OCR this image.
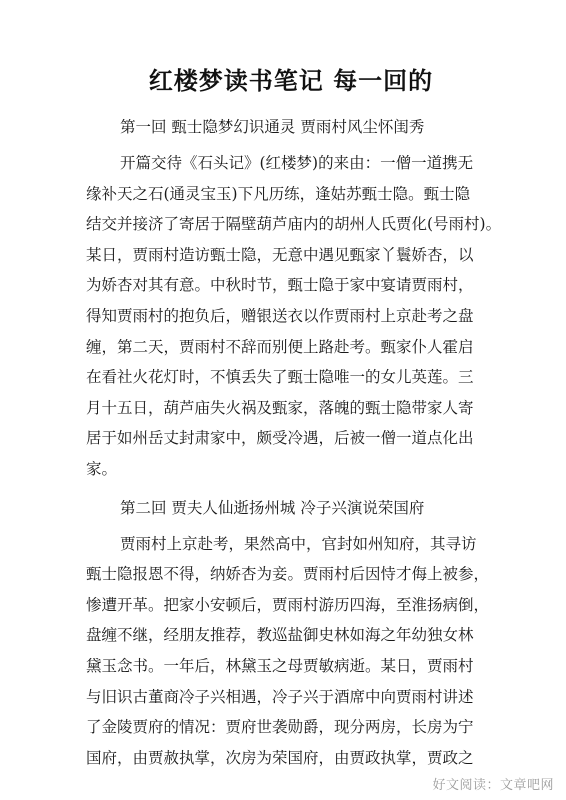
红楼梦读书笔记 每一回的
第一回 甄士隐梦幻识通灵 贾雨村风尘怀闺秀

开篇交待《石头记》(红楼梦)的来由：一僧一道携无
缘补天之石(通灵宝玉)下凡历练，逢姑苏甄士隐。甄士隐
结交并接济了寄居于隔壁葫芦庙内的胡州人氏贾化(号雨村)。
某日，贾雨村造访甄士隐，无意中遇见甄家丫鬟娇杏，以
为娇杏对其有意。中秋时节，甄士隐于家中宴请贾雨村，
得知贾雨村的抱负后，赠银送衣以作贾雨村上京赴考之盘
缠，第二天，贾雨村不辞而别便上路赴考。甄家仆人霍启
在看社火花灯时，不慎丢失了甄士隐唯一的女儿英莲。三
月十五日，葫芦庙失火祸及甄家，落魄的甄士隐带家人寄
居于如州岳丈封肃家中，颇受冷遇，后被一僧一道点化出
家。

第二回 贾夫人仙逝扬州城 冷子兴演说荣国府

贾雨村上京赴考，果然高中，官封如州知府，其寻访
甄士隐报恩不得，纳娇杏为妾。贾雨村后因恃才侮上被参，
惨遭开革。把家小安顿后，贾雨村游历四海，至淮扬病倒，
盘缠不继，经朋友推荐，教巡盐御史林如海之年幼独女林
黛玉念书。一年后，林黛玉之母贾敏病逝。某日，贾雨村
与旧识古董商冷子兴相遇，冷子兴于酒席中向贾雨村讲述
了金陵贾府的情况：贾府世袭勋爵，现分两房，长房为宁
国府，由贾赦执掌，次房为荣国府，由贾政执掌，贾政之

好文阅读：文章吧网
